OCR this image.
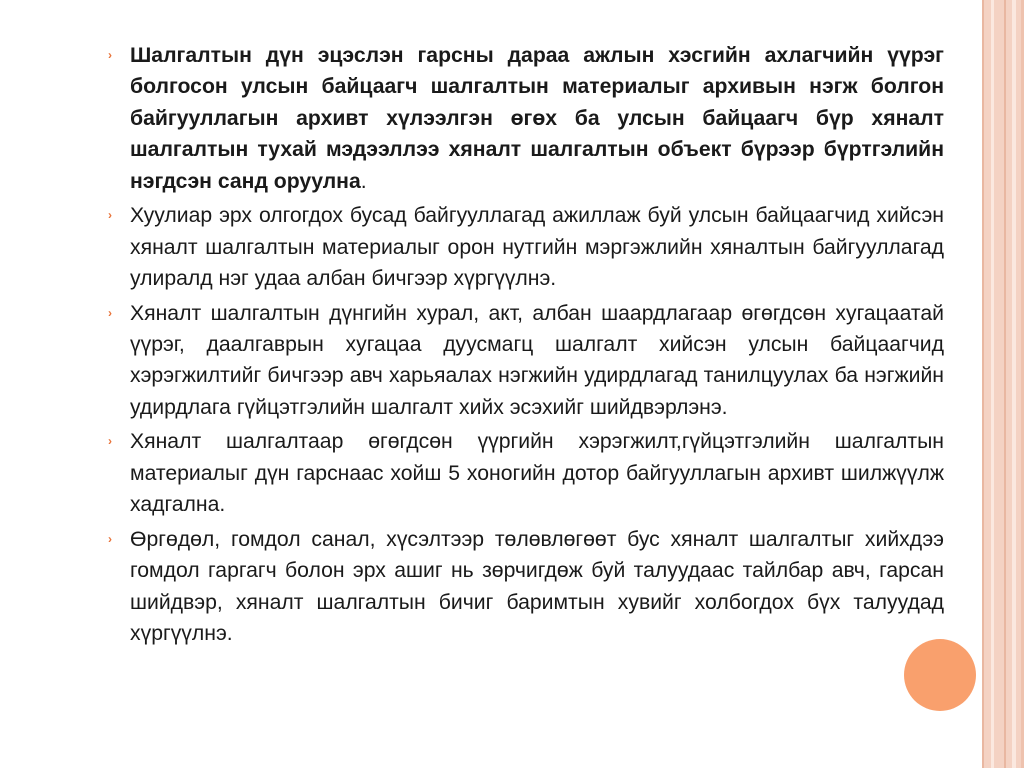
› Шалгалтын дүн эцэслэн гарсны дараа ажлын хэсгийн ахлагчийн үүрэг болгосон улсын байцаагч шалгалтын материалыг архивын нэгж болгон байгууллагын архивт хүлээлгэн өгөх ба улсын байцаагч бүр хяналт шалгалтын тухай мэдээллээ хяналт шалгалтын объект бүрээр бүртгэлийн нэгдсэн санд оруулна.
› Хуулиар эрх олгогдох бусад байгууллагад ажиллаж буй улсын байцаагчид хийсэн хяналт шалгалтын материалыг орон нутгийн мэргэжлийн хяналтын байгууллагад улиралд нэг удаа албан бичгээр хүргүүлнэ.
› Хяналт шалгалтын дүнгийн хурал, акт, албан шаардлагаар өгөгдсөн хугацаатай үүрэг, даалгаврын хугацаа дуусмагц шалгалт хийсэн улсын байцаагчид хэрэгжилтийг бичгээр авч харьяалах нэгжийн удирдлагад танилцуулах ба нэгжийн удирдлага гүйцэтгэлийн шалгалт хийх эсэхийг шийдвэрлэнэ.
› Хяналт шалгалтаар өгөгдсөн үүргийн хэрэгжилт,гүйцэтгэлийн шалгалтын материалыг дүн гарснаас хойш 5 хоногийн дотор байгууллагын архивт шилжүүлж хадгална.
› Өргөдөл, гомдол санал, хүсэлтээр төлөвлөгөөт бус хяналт шалгалтыг хийхдээ гомдол гаргагч болон эрх ашиг нь зөрчигдөж буй талуудаас тайлбар авч, гарсан шийдвэр, хяналт шалгалтын бичиг баримтын хувийг холбогдох бүх талуудад хүргүүлнэ.
